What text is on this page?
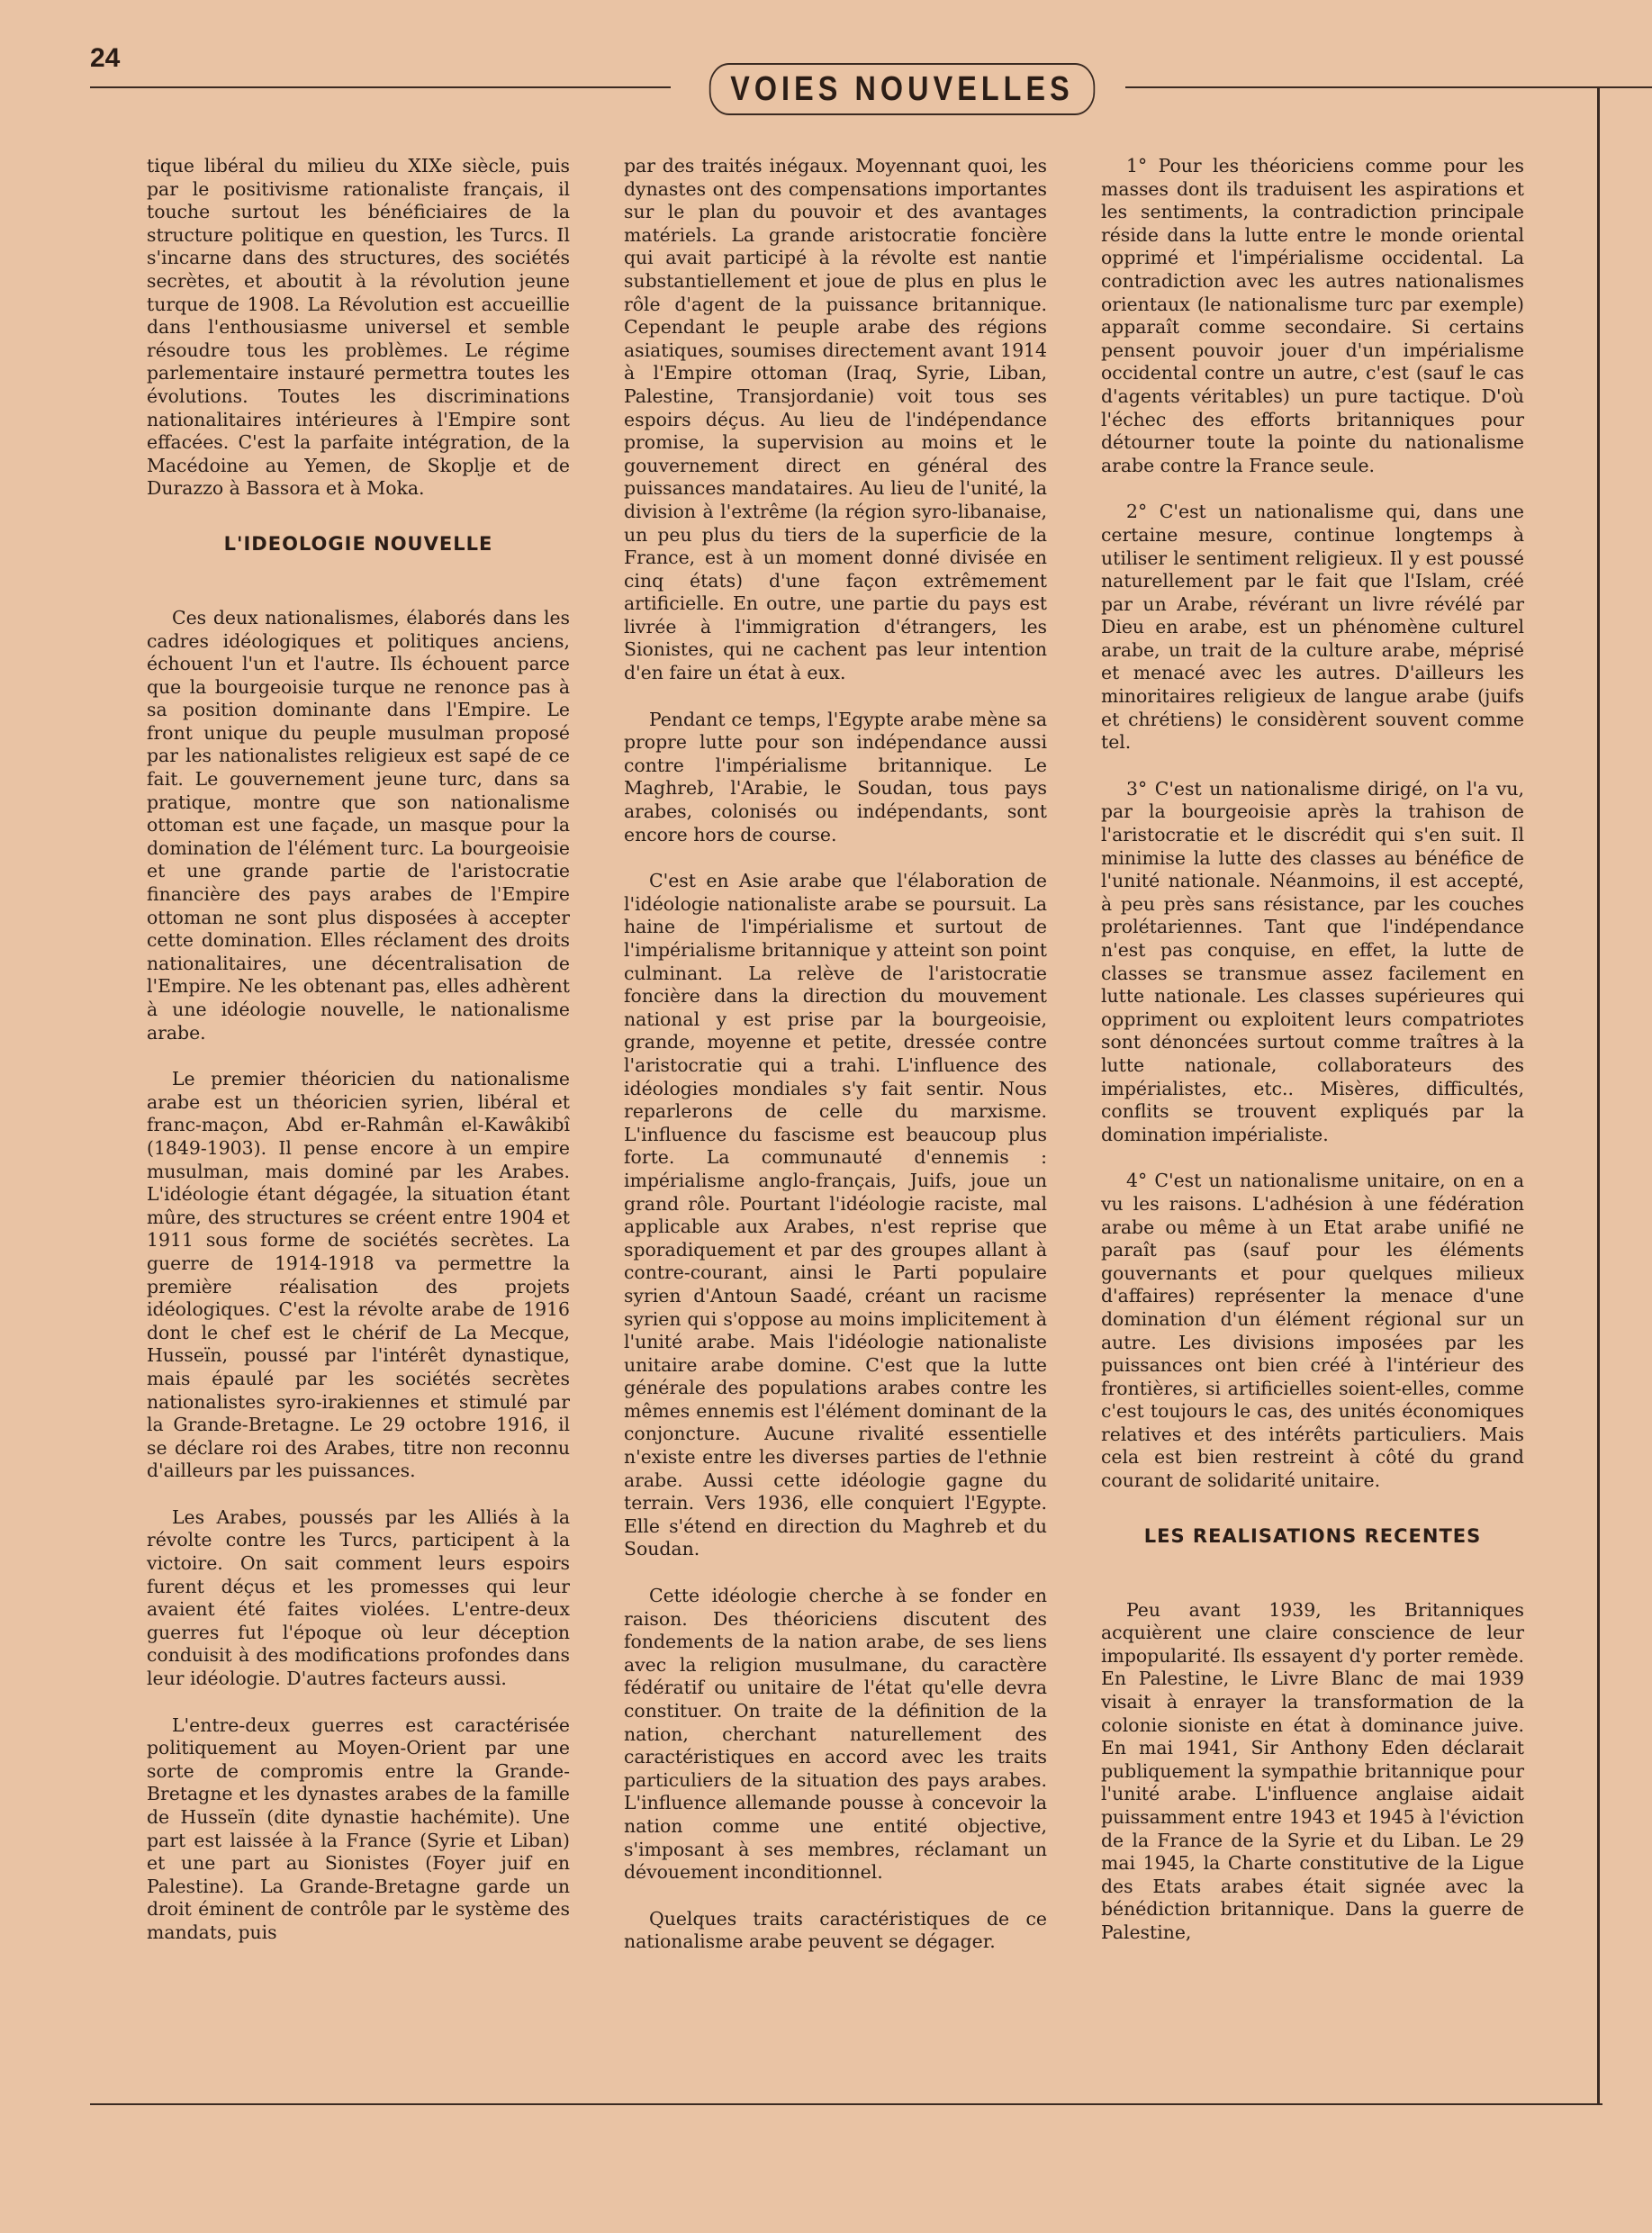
24
VOIES NOUVELLES

tique libéral du milieu du XIXe siècle, puis par le positivisme rationaliste français, il touche surtout les bénéficiaires de la structure politique en question, les Turcs. Il s'incarne dans des structures, des sociétés secrètes, et aboutit à la révolution jeune turque de 1908. La Révolution est accueillie dans l'enthousiasme universel et semble résoudre tous les problèmes. Le régime parlementaire instauré permettra toutes les évolutions. Toutes les discriminations nationalitaires intérieures à l'Empire sont effacées. C'est la parfaite intégration, de la Macédoine au Yemen, de Skoplje et de Durazzo à Bassora et à Moka.

L'IDEOLOGIE NOUVELLE

Ces deux nationalismes, élaborés dans les cadres idéologiques et politiques anciens, échouent l'un et l'autre. Ils échouent parce que la bourgeoisie turque ne renonce pas à sa position dominante dans l'Empire. Le front unique du peuple musulman proposé par les nationalistes religieux est sapé de ce fait. Le gouvernement jeune turc, dans sa pratique, montre que son nationalisme ottoman est une façade, un masque pour la domination de l'élément turc. La bourgeoisie et une grande partie de l'aristocratie financière des pays arabes de l'Empire ottoman ne sont plus disposées à accepter cette domination. Elles réclament des droits nationalitaires, une décentralisation de l'Empire. Ne les obtenant pas, elles adhèrent à une idéologie nouvelle, le nationalisme arabe.

Le premier théoricien du nationalisme arabe est un théoricien syrien, libéral et franc-maçon, Abd er-Rahmân el-Kawâkibî (1849-1903). Il pense encore à un empire musulman, mais dominé par les Arabes. L'idéologie étant dégagée, la situation étant mûre, des structures se créent entre 1904 et 1911 sous forme de sociétés secrètes. La guerre de 1914-1918 va permettre la première réalisation des projets idéologiques. C'est la révolte arabe de 1916 dont le chef est le chérif de La Mecque, Husseïn, poussé par l'intérêt dynastique, mais épaulé par les sociétés secrètes nationalistes syro-irakiennes et stimulé par la Grande-Bretagne. Le 29 octobre 1916, il se déclare roi des Arabes, titre non reconnu d'ailleurs par les puissances.

Les Arabes, poussés par les Alliés à la révolte contre les Turcs, participent à la victoire. On sait comment leurs espoirs furent déçus et les promesses qui leur avaient été faites violées. L'entre-deux guerres fut l'époque où leur déception conduisit à des modifications profondes dans leur idéologie. D'autres facteurs aussi.

L'entre-deux guerres est caractérisée politiquement au Moyen-Orient par une sorte de compromis entre la Grande-Bretagne et les dynastes arabes de la famille de Husseïn (dite dynastie hachémite). Une part est laissée à la France (Syrie et Liban) et une part au Sionistes (Foyer juif en Palestine). La Grande-Bretagne garde un droit éminent de contrôle par le système des mandats, puis

par des traités inégaux. Moyennant quoi, les dynastes ont des compensations importantes sur le plan du pouvoir et des avantages matériels. La grande aristocratie foncière qui avait participé à la révolte est nantie substantiellement et joue de plus en plus le rôle d'agent de la puissance britannique. Cependant le peuple arabe des régions asiatiques, soumises directement avant 1914 à l'Empire ottoman (Iraq, Syrie, Liban, Palestine, Transjordanie) voit tous ses espoirs déçus. Au lieu de l'indépendance promise, la supervision au moins et le gouvernement direct en général des puissances mandataires. Au lieu de l'unité, la division à l'extrême (la région syro-libanaise, un peu plus du tiers de la superficie de la France, est à un moment donné divisée en cinq états) d'une façon extrêmement artificielle. En outre, une partie du pays est livrée à l'immigration d'étrangers, les Sionistes, qui ne cachent pas leur intention d'en faire un état à eux.

Pendant ce temps, l'Egypte arabe mène sa propre lutte pour son indépendance aussi contre l'impérialisme britannique. Le Maghreb, l'Arabie, le Soudan, tous pays arabes, colonisés ou indépendants, sont encore hors de course.

C'est en Asie arabe que l'élaboration de l'idéologie nationaliste arabe se poursuit. La haine de l'impérialisme et surtout de l'impérialisme britannique y atteint son point culminant. La relève de l'aristocratie foncière dans la direction du mouvement national y est prise par la bourgeoisie, grande, moyenne et petite, dressée contre l'aristocratie qui a trahi. L'influence des idéologies mondiales s'y fait sentir. Nous reparlerons de celle du marxisme. L'influence du fascisme est beaucoup plus forte. La communauté d'ennemis : impérialisme anglo-français, Juifs, joue un grand rôle. Pourtant l'idéologie raciste, mal applicable aux Arabes, n'est reprise que sporadiquement et par des groupes allant à contre-courant, ainsi le Parti populaire syrien d'Antoun Saadé, créant un racisme syrien qui s'oppose au moins implicitement à l'unité arabe. Mais l'idéologie nationaliste unitaire arabe domine. C'est que la lutte générale des populations arabes contre les mêmes ennemis est l'élément dominant de la conjoncture. Aucune rivalité essentielle n'existe entre les diverses parties de l'ethnie arabe. Aussi cette idéologie gagne du terrain. Vers 1936, elle conquiert l'Egypte. Elle s'étend en direction du Maghreb et du Soudan.

Cette idéologie cherche à se fonder en raison. Des théoriciens discutent des fondements de la nation arabe, de ses liens avec la religion musulmane, du caractère fédératif ou unitaire de l'état qu'elle devra constituer. On traite de la définition de la nation, cherchant naturellement des caractéristiques en accord avec les traits particuliers de la situation des pays arabes. L'influence allemande pousse à concevoir la nation comme une entité objective, s'imposant à ses membres, réclamant un dévouement inconditionnel.

Quelques traits caractéristiques de ce nationalisme arabe peuvent se dégager.

1° Pour les théoriciens comme pour les masses dont ils traduisent les aspirations et les sentiments, la contradiction principale réside dans la lutte entre le monde oriental opprimé et l'impérialisme occidental. La contradiction avec les autres nationalismes orientaux (le nationalisme turc par exemple) apparaît comme secondaire. Si certains pensent pouvoir jouer d'un impérialisme occidental contre un autre, c'est (sauf le cas d'agents véritables) un pure tactique. D'où l'échec des efforts britanniques pour détourner toute la pointe du nationalisme arabe contre la France seule.

2° C'est un nationalisme qui, dans une certaine mesure, continue longtemps à utiliser le sentiment religieux. Il y est poussé naturellement par le fait que l'Islam, créé par un Arabe, révérant un livre révélé par Dieu en arabe, est un phénomène culturel arabe, un trait de la culture arabe, méprisé et menacé avec les autres. D'ailleurs les minoritaires religieux de langue arabe (juifs et chrétiens) le considèrent souvent comme tel.

3° C'est un nationalisme dirigé, on l'a vu, par la bourgeoisie après la trahison de l'aristocratie et le discrédit qui s'en suit. Il minimise la lutte des classes au bénéfice de l'unité nationale. Néanmoins, il est accepté, à peu près sans résistance, par les couches prolétariennes. Tant que l'indépendance n'est pas conquise, en effet, la lutte de classes se transmue assez facilement en lutte nationale. Les classes supérieures qui oppriment ou exploitent leurs compatriotes sont dénoncées surtout comme traîtres à la lutte nationale, collaborateurs des impérialistes, etc.. Misères, difficultés, conflits se trouvent expliqués par la domination impérialiste.

4° C'est un nationalisme unitaire, on en a vu les raisons. L'adhésion à une fédération arabe ou même à un Etat arabe unifié ne paraît pas (sauf pour les éléments gouvernants et pour quelques milieux d'affaires) représenter la menace d'une domination d'un élément régional sur un autre. Les divisions imposées par les puissances ont bien créé à l'intérieur des frontières, si artificielles soient-elles, comme c'est toujours le cas, des unités économiques relatives et des intérêts particuliers. Mais cela est bien restreint à côté du grand courant de solidarité unitaire.

LES REALISATIONS RECENTES

Peu avant 1939, les Britanniques acquièrent une claire conscience de leur impopularité. Ils essayent d'y porter remède. En Palestine, le Livre Blanc de mai 1939 visait à enrayer la transformation de la colonie sioniste en état à dominance juive. En mai 1941, Sir Anthony Eden déclarait publiquement la sympathie britannique pour l'unité arabe. L'influence anglaise aidait puissamment entre 1943 et 1945 à l'éviction de la France de la Syrie et du Liban. Le 29 mai 1945, la Charte constitutive de la Ligue des Etats arabes était signée avec la bénédiction britannique. Dans la guerre de Palestine,
